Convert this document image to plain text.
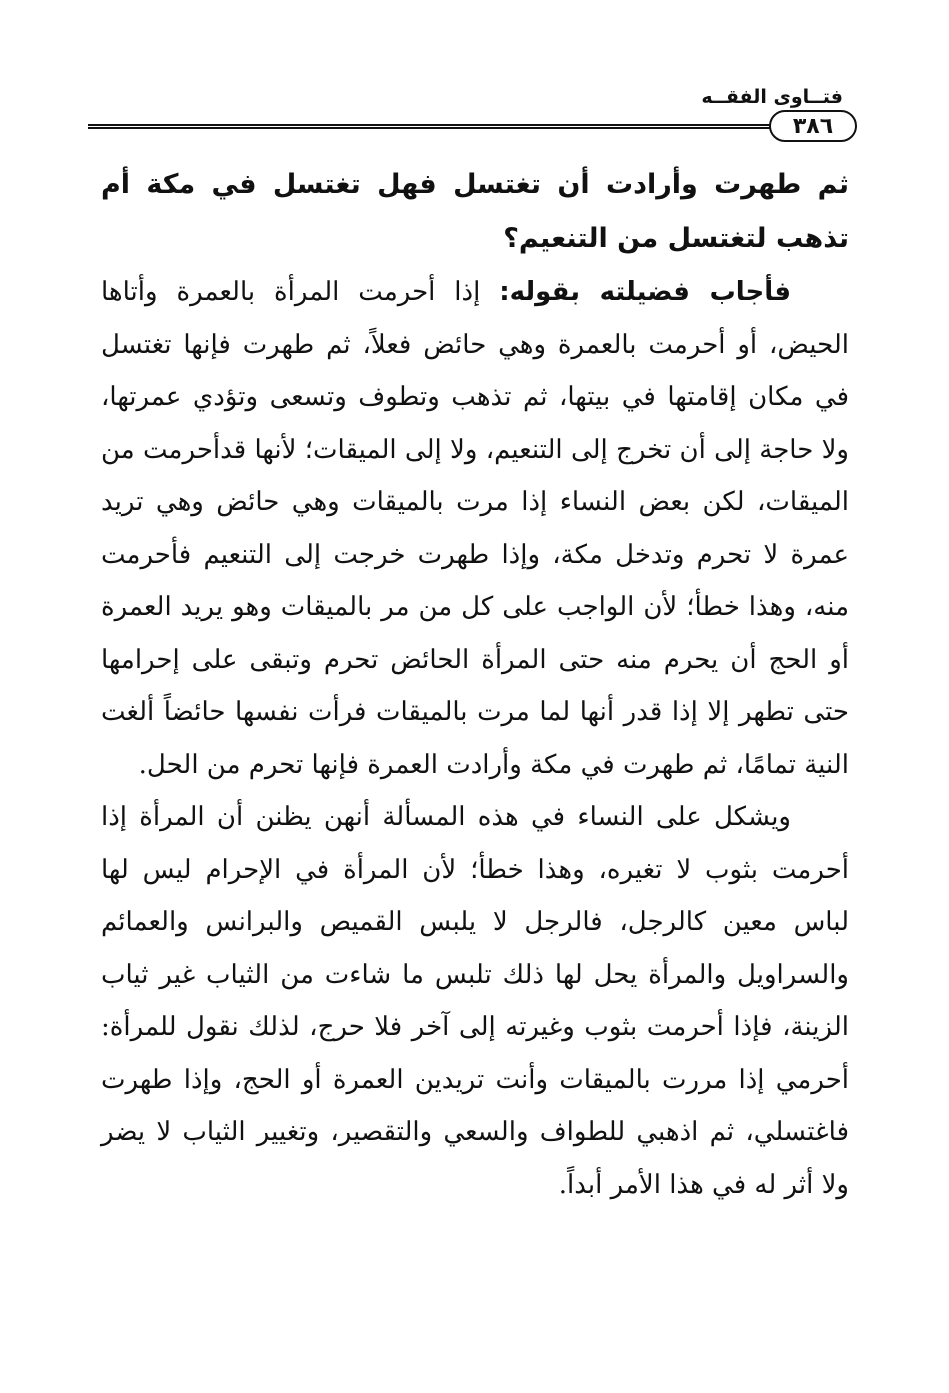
فتــاوى الفقــه
٣٨٦

ثم طهرت وأرادت أن تغتسل فهل تغتسل في مكة أم تذهب لتغتسل من التنعيم؟

فأجاب فضيلته بقوله: إذا أحرمت المرأة بالعمرة وأتاها الحيض، أو أحرمت بالعمرة وهي حائض فعلاً، ثم طهرت فإنها تغتسل في مكان إقامتها في بيتها، ثم تذهب وتطوف وتسعى وتؤدي عمرتها، ولا حاجة إلى أن تخرج إلى التنعيم، ولا إلى الميقات؛ لأنها قدأحرمت من الميقات، لكن بعض النساء إذا مرت بالميقات وهي حائض وهي تريد عمرة لا تحرم وتدخل مكة، وإذا طهرت خرجت إلى التنعيم فأحرمت منه، وهذا خطأ؛ لأن الواجب على كل من مر بالميقات وهو يريد العمرة أو الحج أن يحرم منه حتى المرأة الحائض تحرم وتبقى على إحرامها حتى تطهر إلا إذا قدر أنها لما مرت بالميقات فرأت نفسها حائضاً ألغت النية تمامًا، ثم طهرت في مكة وأرادت العمرة فإنها تحرم من الحل.

ويشكل على النساء في هذه المسألة أنهن يظنن أن المرأة إذا أحرمت بثوب لا تغيره، وهذا خطأ؛ لأن المرأة في الإحرام ليس لها لباس معين كالرجل، فالرجل لا يلبس القميص والبرانس والعمائم والسراويل والمرأة يحل لها ذلك تلبس ما شاءت من الثياب غير ثياب الزينة، فإذا أحرمت بثوب وغيرته إلى آخر فلا حرج، لذلك نقول للمرأة: أحرمي إذا مررت بالميقات وأنت تريدين العمرة أو الحج، وإذا طهرت فاغتسلي، ثم اذهبي للطواف والسعي والتقصير، وتغيير الثياب لا يضر ولا أثر له في هذا الأمر أبداً.
